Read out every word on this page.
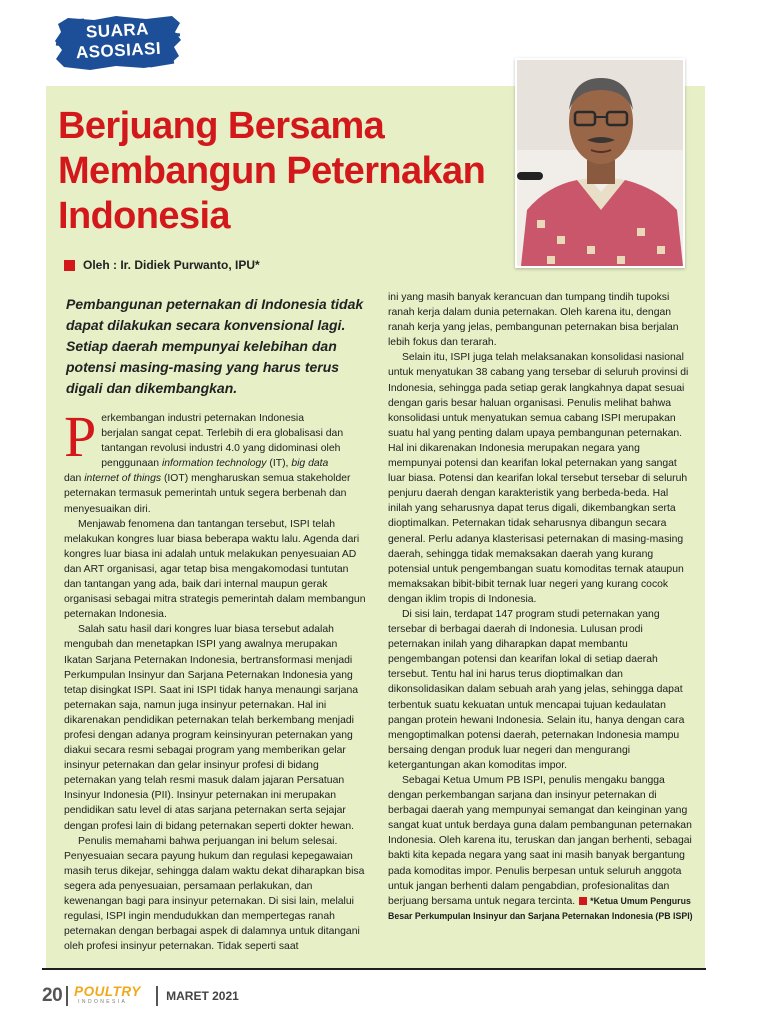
SUARA ASOSIASI
Berjuang Bersama Membangun Peternakan Indonesia
Oleh : Ir. Didiek Purwanto, IPU*

Pembangunan peternakan di Indonesia tidak dapat dilakukan secara konvensional lagi. Setiap daerah mempunyai kelebihan dan potensi masing-masing yang harus terus digali dan dikembangkan.

P erkembangan industri peternakan Indonesia
berjalan sangat cepat. Terlebih di era globalisasi dan
tantangan revolusi industri 4.0 yang didominasi oleh
penggunaan information technology (IT), big data
dan internet of things (IOT) mengharuskan semua stakeholder peternakan termasuk pemerintah untuk segera berbenah dan menyesuaikan diri.

Menjawab fenomena dan tantangan tersebut, ISPI telah melakukan kongres luar biasa beberapa waktu lalu. Agenda dari kongres luar biasa ini adalah untuk melakukan penyesuaian AD dan ART organisasi, agar tetap bisa mengakomodasi tuntutan dan tantangan yang ada, baik dari internal maupun gerak organisasi sebagai mitra strategis pemerintah dalam membangun peternakan Indonesia.

Salah satu hasil dari kongres luar biasa tersebut adalah mengubah dan menetapkan ISPI yang awalnya merupakan Ikatan Sarjana Peternakan Indonesia, bertransformasi menjadi Perkumpulan Insinyur dan Sarjana Peternakan Indonesia yang tetap disingkat ISPI. Saat ini ISPI tidak hanya menaungi sarjana peternakan saja, namun juga insinyur peternakan. Hal ini dikarenakan pendidikan peternakan telah berkembang menjadi profesi dengan adanya program keinsinyuran peternakan yang diakui secara resmi sebagai program yang memberikan gelar insinyur peternakan dan gelar insinyur profesi di bidang peternakan yang telah resmi masuk dalam jajaran Persatuan Insinyur Indonesia (PII). Insinyur peternakan ini merupakan pendidikan satu level di atas sarjana peternakan serta sejajar dengan profesi lain di bidang peternakan seperti dokter hewan.

Penulis memahami bahwa perjuangan ini belum selesai. Penyesuaian secara payung hukum dan regulasi kepegawaian masih terus dikejar, sehingga dalam waktu dekat diharapkan bisa segera ada penyesuaian, persamaan perlakukan, dan kewenangan bagi para insinyur peternakan. Di sisi lain, melalui regulasi, ISPI ingin mendudukkan dan mempertegas ranah peternakan dengan berbagai aspek di dalamnya untuk ditangani oleh profesi insinyur peternakan. Tidak seperti saat

ini yang masih banyak kerancuan dan tumpang tindih tupoksi ranah kerja dalam dunia peternakan. Oleh karena itu, dengan ranah kerja yang jelas, pembangunan peternakan bisa berjalan lebih fokus dan terarah.

Selain itu, ISPI juga telah melaksanakan konsolidasi nasional untuk menyatukan 38 cabang yang tersebar di seluruh provinsi di Indonesia, sehingga pada setiap gerak langkahnya dapat sesuai dengan garis besar haluan organisasi. Penulis melihat bahwa konsolidasi untuk menyatukan semua cabang ISPI merupakan suatu hal yang penting dalam upaya pembangunan peternakan. Hal ini dikarenakan Indonesia merupakan negara yang mempunyai potensi dan kearifan lokal peternakan yang sangat luar biasa. Potensi dan kearifan lokal tersebut tersebar di seluruh penjuru daerah dengan karakteristik yang berbeda-beda. Hal inilah yang seharusnya dapat terus digali, dikembangkan serta dioptimalkan. Peternakan tidak seharusnya dibangun secara general. Perlu adanya klasterisasi peternakan di masing-masing daerah, sehingga tidak memaksakan daerah yang kurang potensial untuk pengembangan suatu komoditas ternak ataupun memaksakan bibit-bibit ternak luar negeri yang kurang cocok dengan iklim tropis di Indonesia.

Di sisi lain, terdapat 147 program studi peternakan yang tersebar di berbagai daerah di Indonesia. Lulusan prodi peternakan inilah yang diharapkan dapat membantu pengembangan potensi dan kearifan lokal di setiap daerah tersebut. Tentu hal ini harus terus dioptimalkan dan dikonsolidasikan dalam sebuah arah yang jelas, sehingga dapat terbentuk suatu kekuatan untuk mencapai tujuan kedaulatan pangan protein hewani Indonesia. Selain itu, hanya dengan cara mengoptimalkan potensi daerah, peternakan Indonesia mampu bersaing dengan produk luar negeri dan mengurangi ketergantungan akan komoditas impor.

Sebagai Ketua Umum PB ISPI, penulis mengaku bangga dengan perkembangan sarjana dan insinyur peternakan di berbagai daerah yang mempunyai semangat dan keinginan yang sangat kuat untuk berdaya guna dalam pembangunan peternakan Indonesia. Oleh karena itu, teruskan dan jangan berhenti, sebagai bakti kita kepada negara yang saat ini masih banyak bergantung pada komoditas impor. Penulis berpesan untuk seluruh anggota untuk jangan berhenti dalam pengabdian, profesionalitas dan berjuang bersama untuk negara tercinta. *Ketua Umum Pengurus Besar Perkumpulan Insinyur dan Sarjana Peternakan Indonesia (PB ISPI)

20 POULTRY
INDONESIA	MARET 2021
